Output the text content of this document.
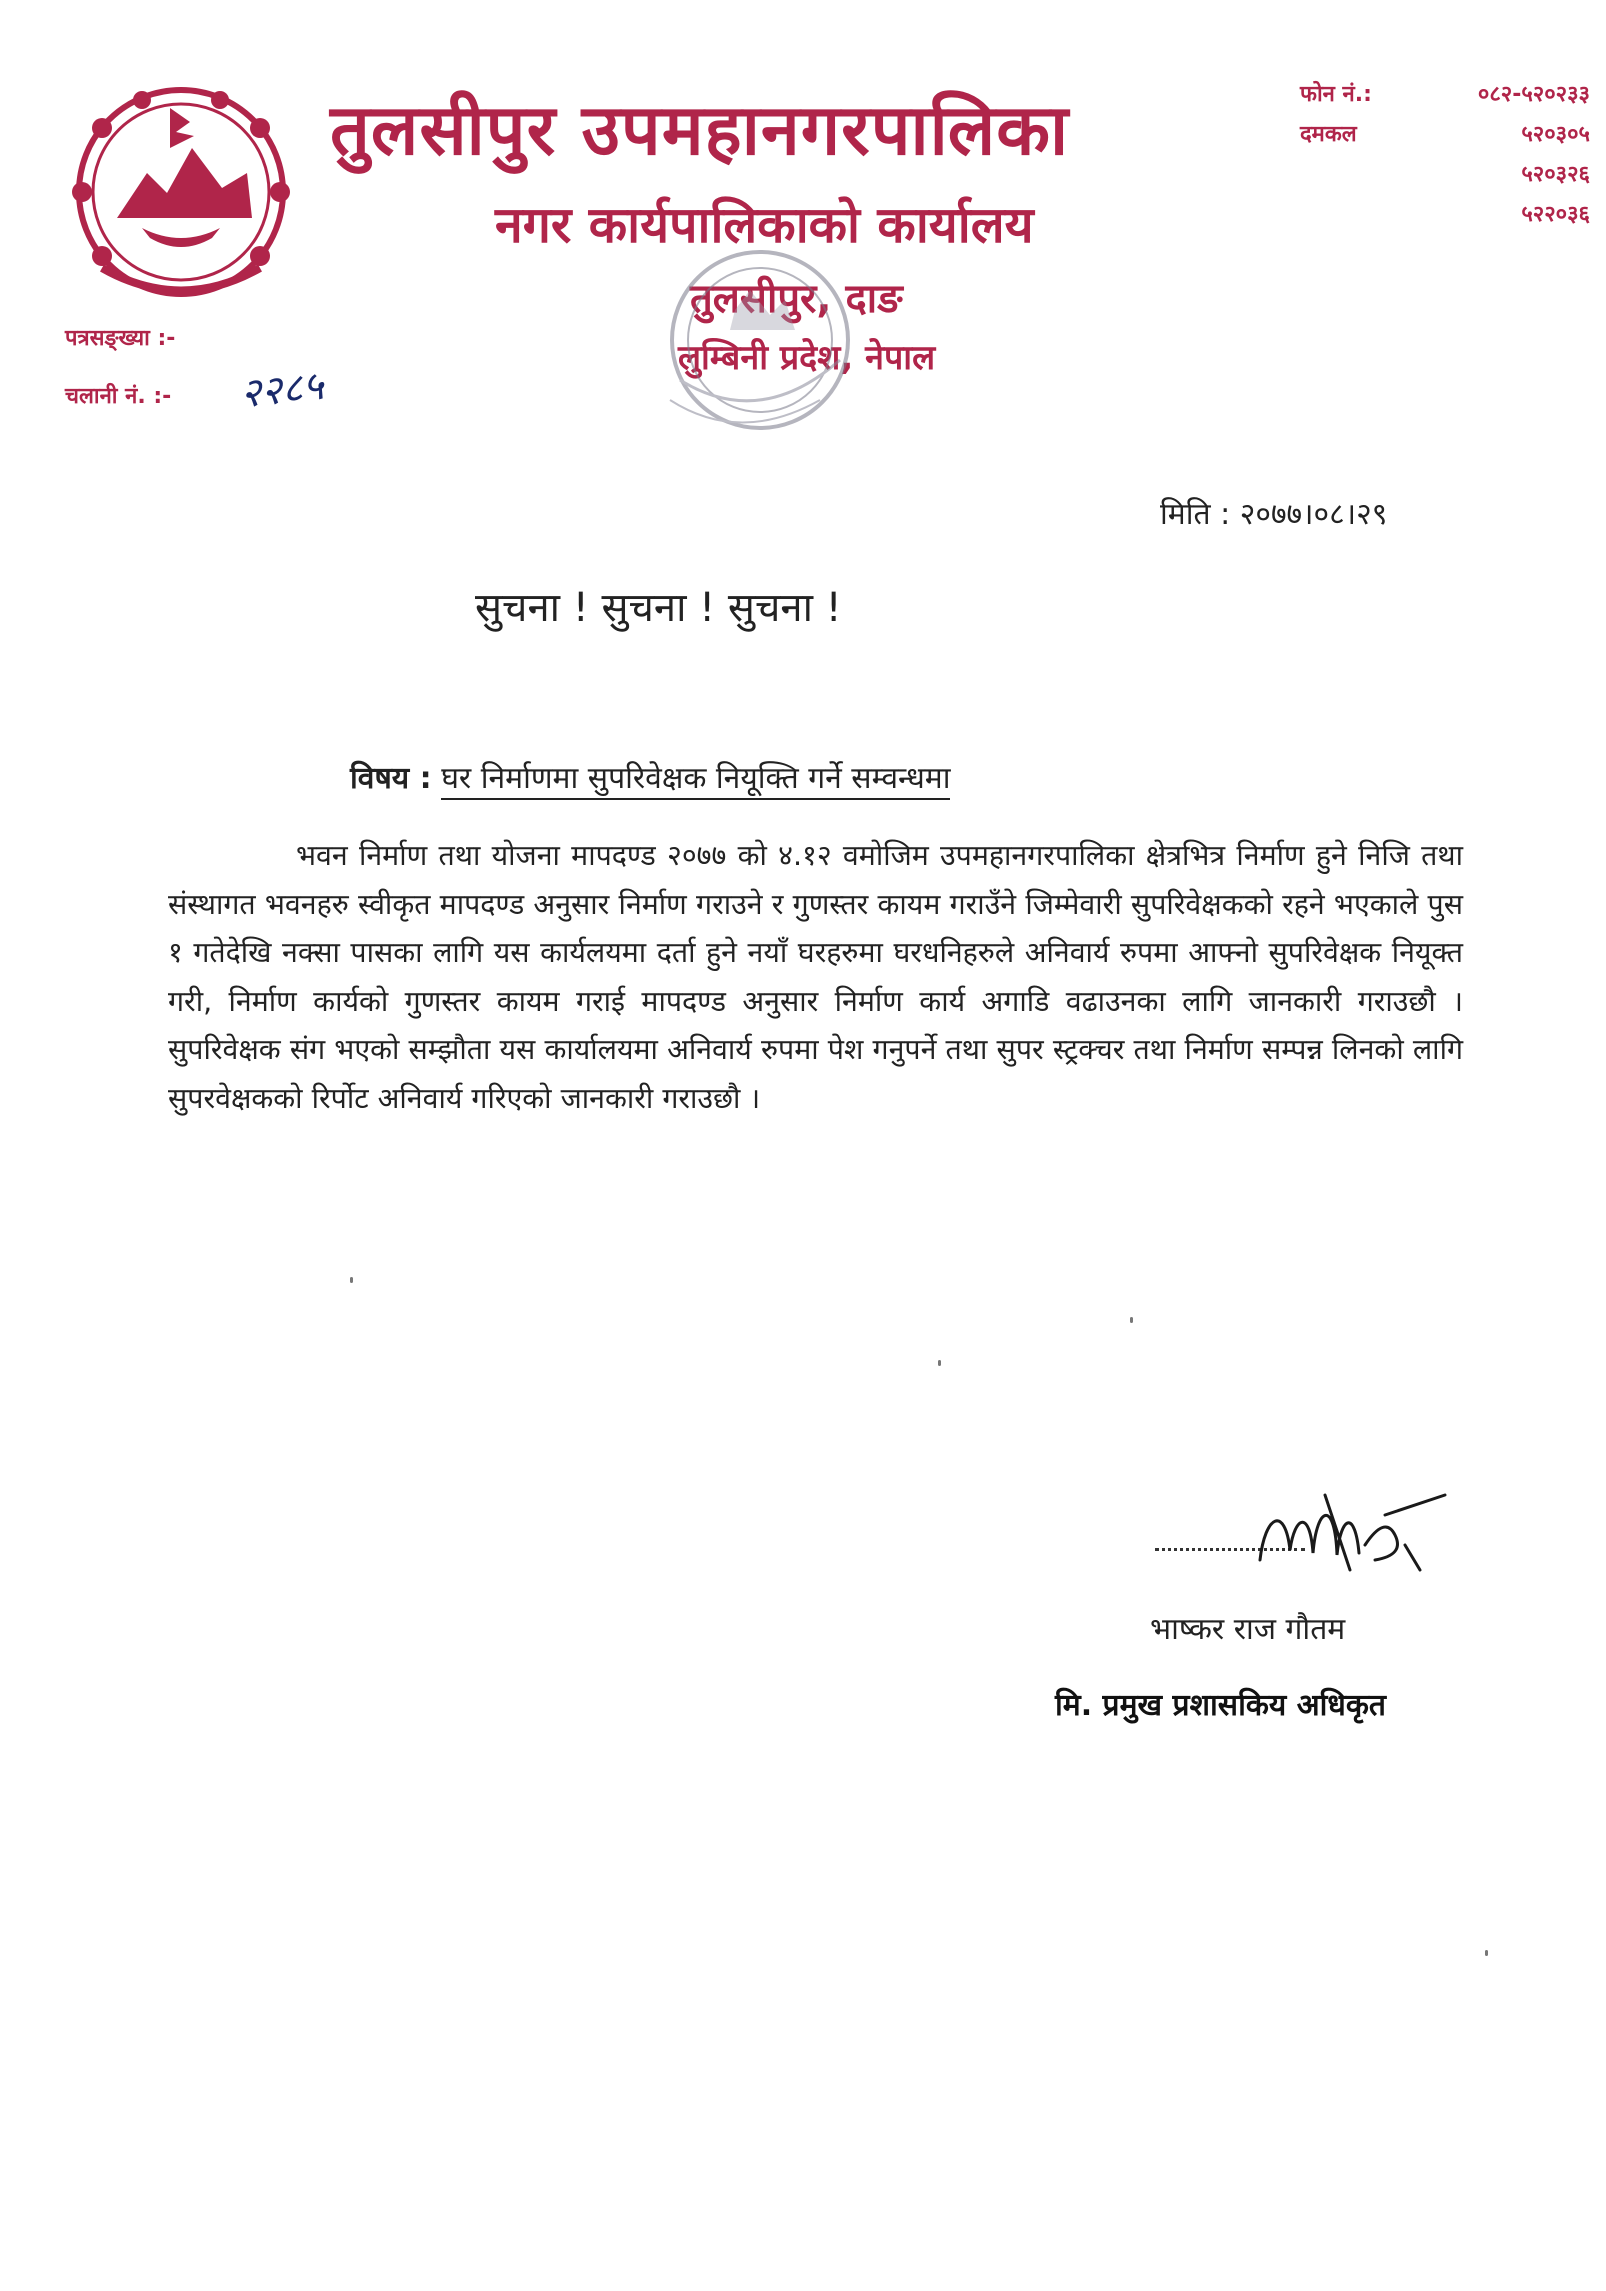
तुलसीपुर उपमहानगरपालिका
नगर कार्यपालिकाको कार्यालय
तुलसीपुर, दाङ
लुम्बिनी प्रदेश, नेपाल
फोन नं.:	०८२-५२०२३३
दमकल	५२०३०५
५२०३२६
५२२०३६
पत्रसङ्ख्या :-
चलानी नं. :- २२८५
मिति : २०७७।०८।२९
सुचना ! सुचना ! सुचना !
विषय : घर निर्माणमा सुपरिवेक्षक नियूक्ति गर्ने सम्वन्धमा
भवन निर्माण तथा योजना मापदण्ड २०७७ को ४.१२ वमोजिम उपमहानगरपालिका क्षेत्रभित्र निर्माण हुने निजि तथा संस्थागत भवनहरु स्वीकृत मापदण्ड अनुसार निर्माण गराउने र गुणस्तर कायम गराउँने जिम्मेवारी सुपरिवेक्षकको रहने भएकाले पुस १ गतेदेखि नक्सा पासका लागि यस कार्यलयमा दर्ता हुने नयाँ घरहरुमा घरधनिहरुले अनिवार्य रुपमा आफ्नो सुपरिवेक्षक नियूक्त गरी, निर्माण कार्यको गुणस्तर कायम गराई मापदण्ड अनुसार निर्माण कार्य अगाडि वढाउनका लागि जानकारी गराउछौ । सुपरिवेक्षक संग भएको सम्झौता यस कार्यालयमा अनिवार्य रुपमा पेश गनुपर्ने तथा सुपर स्ट्रक्चर तथा निर्माण सम्पन्न लिनको लागि सुपरवेक्षकको रिर्पोट अनिवार्य गरिएको जानकारी गराउछौ ।
भाष्कर राज गौतम
मि. प्रमुख प्रशासकिय अधिकृत
